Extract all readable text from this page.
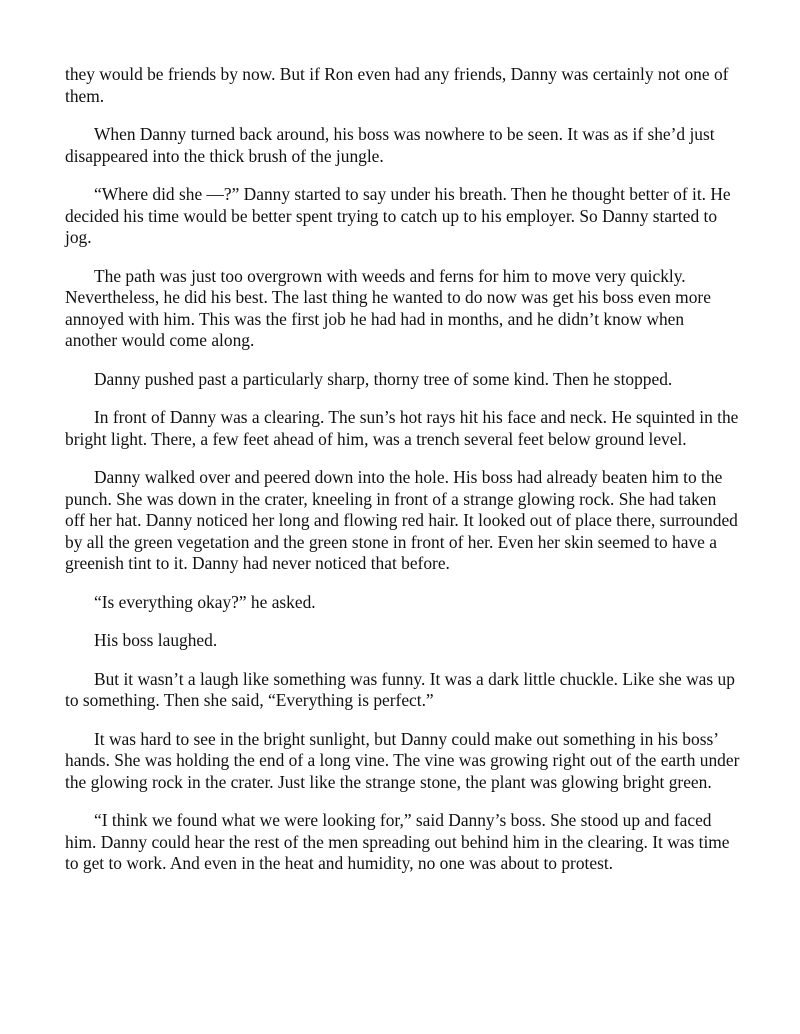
they would be friends by now. But if Ron even had any friends, Danny was certainly not one of them.

When Danny turned back around, his boss was nowhere to be seen. It was as if she’d just disappeared into the thick brush of the jungle.

“Where did she —?” Danny started to say under his breath. Then he thought better of it. He decided his time would be better spent trying to catch up to his employer. So Danny started to jog.

The path was just too overgrown with weeds and ferns for him to move very quickly. Nevertheless, he did his best. The last thing he wanted to do now was get his boss even more annoyed with him. This was the first job he had had in months, and he didn’t know when another would come along.

Danny pushed past a particularly sharp, thorny tree of some kind. Then he stopped.

In front of Danny was a clearing. The sun’s hot rays hit his face and neck. He squinted in the bright light. There, a few feet ahead of him, was a trench several feet below ground level.

Danny walked over and peered down into the hole. His boss had already beaten him to the punch. She was down in the crater, kneeling in front of a strange glowing rock. She had taken off her hat. Danny noticed her long and flowing red hair. It looked out of place there, surrounded by all the green vegetation and the green stone in front of her. Even her skin seemed to have a greenish tint to it. Danny had never noticed that before.

“Is everything okay?” he asked.

His boss laughed.

But it wasn’t a laugh like something was funny. It was a dark little chuckle. Like she was up to something. Then she said, “Everything is perfect.”

It was hard to see in the bright sunlight, but Danny could make out something in his boss’ hands. She was holding the end of a long vine. The vine was growing right out of the earth under the glowing rock in the crater. Just like the strange stone, the plant was glowing bright green.

“I think we found what we were looking for,” said Danny’s boss. She stood up and faced him. Danny could hear the rest of the men spreading out behind him in the clearing. It was time to get to work. And even in the heat and humidity, no one was about to protest.
